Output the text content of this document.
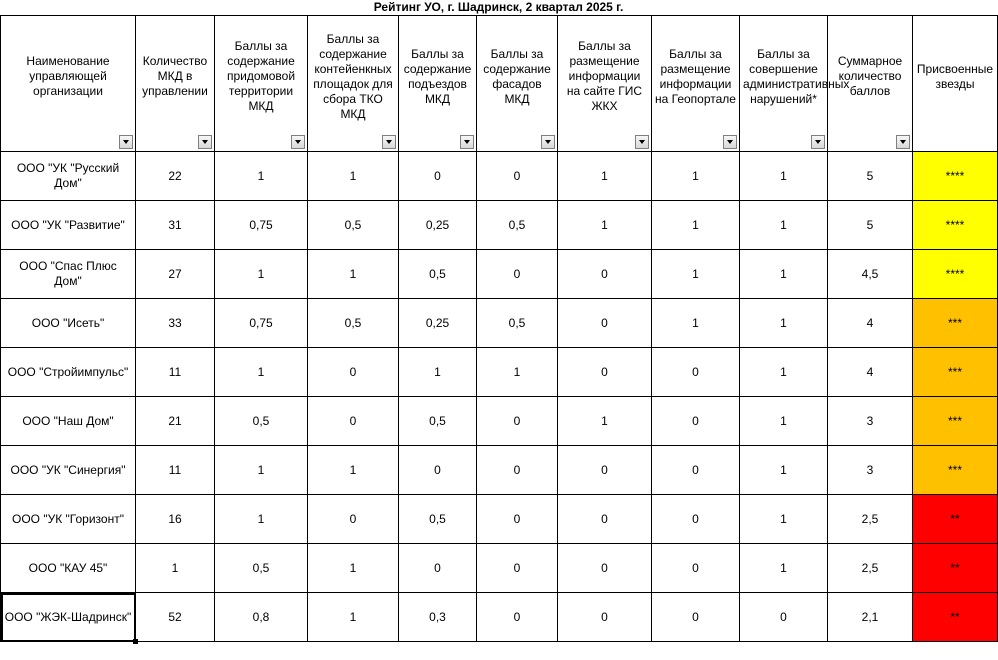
Рейтинг УО, г. Шадринск, 2 квартал 2025 г.
Наименование управляющей организации	Количество МКД в управлении	Баллы за содержание придомовой территории МКД	Баллы за содержание контейенкных площадок для сбора ТКО МКД	Баллы за содержание подъездов МКД	Баллы за содержание фасадов МКД	Баллы за размещение информации на сайте ГИС ЖКХ	Баллы за размещение информации на Геопортале	Баллы за совершение административных нарушений*	Суммарное количество баллов	Присвоенные звезды

ООО "УК "Русский Дом"	22	1	1	0	0	1	1	1	5	****
ООО "УК "Развитие"	31	0,75	0,5	0,25	0,5	1	1	1	5	****
ООО "Спас Плюс Дом"	27	1	1	0,5	0	0	1	1	4,5	****
ООО "Исеть"	33	0,75	0,5	0,25	0,5	0	1	1	4	***
ООО "Стройимпульс"	11	1	0	1	1	0	0	1	4	***
ООО "Наш Дом"	21	0,5	0	0,5	0	1	0	1	3	***
ООО "УК "Синергия"	11	1	1	0	0	0	0	1	3	***
ООО "УК "Горизонт"	16	1	0	0,5	0	0	0	1	2,5	**
ООО "КАУ 45"	1	0,5	1	0	0	0	0	1	2,5	**
ООО "ЖЭК-Шадринск"	52	0,8	1	0,3	0	0	0	0	2,1	**
